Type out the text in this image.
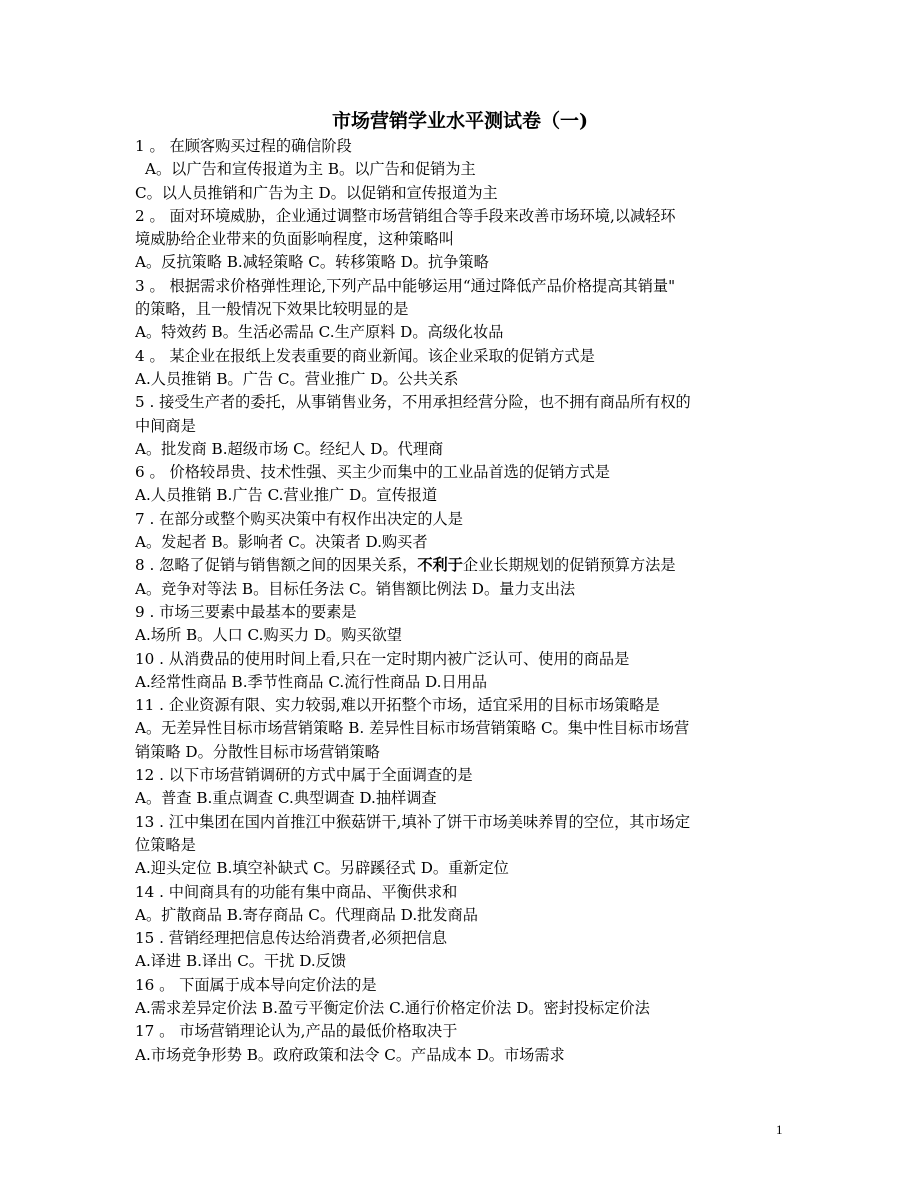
市场营销学业水平测试卷（一)
1 。 在顾客购买过程的确信阶段
A。以广告和宣传报道为主 B。以广告和促销为主
C。以人员推销和广告为主 D。以促销和宣传报道为主
2 。 面对环境威胁，企业通过调整市场营销组合等手段来改善市场环境,以减轻环
境威胁给企业带来的负面影响程度，这种策略叫
A。反抗策略 B.减轻策略 C。转移策略 D。抗争策略
3 。 根据需求价格弹性理论,下列产品中能够运用“通过降低产品价格提高其销量"
的策略，且一般情况下效果比较明显的是
A。特效药 B。生活必需品 C.生产原料 D。高级化妆品
4 。 某企业在报纸上发表重要的商业新闻。该企业采取的促销方式是
A.人员推销 B。广告 C。营业推广 D。公共关系
5 . 接受生产者的委托，从事销售业务，不用承担经营分险，也不拥有商品所有权的
中间商是
A。批发商 B.超级市场 C。经纪人 D。代理商
6 。 价格较昂贵、技术性强、买主少而集中的工业品首选的促销方式是
A.人员推销 B.广告 C.营业推广 D。宣传报道
7 . 在部分或整个购买决策中有权作出决定的人是
A。发起者 B。影响者 C。决策者 D.购买者
8 . 忽略了促销与销售额之间的因果关系，不利于企业长期规划的促销预算方法是
A。竞争对等法 B。目标任务法 C。销售额比例法 D。量力支出法
9 . 市场三要素中最基本的要素是
A.场所 B。人口 C.购买力 D。购买欲望
10 . 从消费品的使用时间上看,只在一定时期内被广泛认可、使用的商品是
A.经常性商品 B.季节性商品 C.流行性商品 D.日用品
11 . 企业资源有限、实力较弱,难以开拓整个市场，适宜采用的目标市场策略是
A。无差异性目标市场营销策略 B. 差异性目标市场营销策略 C。集中性目标市场营
销策略 D。分散性目标市场营销策略
12 . 以下市场营销调研的方式中属于全面调查的是
A。普查 B.重点调查 C.典型调查 D.抽样调查
13 . 江中集团在国内首推江中猴菇饼干,填补了饼干市场美味养胃的空位，其市场定
位策略是
A.迎头定位 B.填空补缺式 C。另辟蹊径式 D。重新定位
14 . 中间商具有的功能有集中商品、平衡供求和
A。扩散商品 B.寄存商品 C。代理商品 D.批发商品
15 . 营销经理把信息传达给消费者,必须把信息
A.译进 B.译出 C。干扰 D.反馈
16 。 下面属于成本导向定价法的是
A.需求差异定价法 B.盈亏平衡定价法 C.通行价格定价法 D。密封投标定价法
17 。 市场营销理论认为,产品的最低价格取决于
A.市场竞争形势 B。政府政策和法令 C。产品成本 D。市场需求
1
